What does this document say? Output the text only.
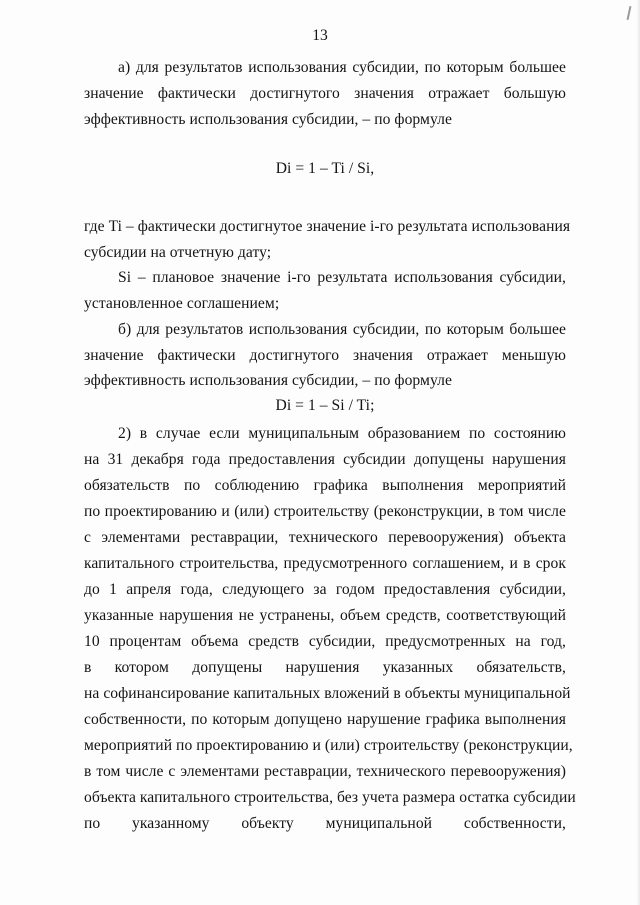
13
а) для результатов использования субсидии, по которым большее
значение фактически достигнутого значения отражает большую
эффективность использования субсидии, – по формуле
Di = 1 – Ti / Si,
где Ti – фактически достигнутое значение i-го результата использования
субсидии на отчетную дату;
Si – плановое значение i-го результата использования субсидии,
установленное соглашением;
б) для результатов использования субсидии, по которым большее
значение фактически достигнутого значения отражает меньшую
эффективность использования субсидии, – по формуле
Di = 1 – Si / Ti;
2) в случае если муниципальным образованием по состоянию
на 31 декабря года предоставления субсидии допущены нарушения
обязательств по соблюдению графика выполнения мероприятий
по проектированию и (или) строительству (реконструкции, в том числе
с элементами реставрации, технического перевооружения) объекта
капитального строительства, предусмотренного соглашением, и в срок
до 1 апреля года, следующего за годом предоставления субсидии,
указанные нарушения не устранены, объем средств, соответствующий
10 процентам объема средств субсидии, предусмотренных на год,
в котором допущены нарушения указанных обязательств,
на софинансирование капитальных вложений в объекты муниципальной
собственности, по которым допущено нарушение графика выполнения
мероприятий по проектированию и (или) строительству (реконструкции,
в том числе с элементами реставрации, технического перевооружения)
объекта капитального строительства, без учета размера остатка субсидии
по указанному объекту муниципальной собственности,
